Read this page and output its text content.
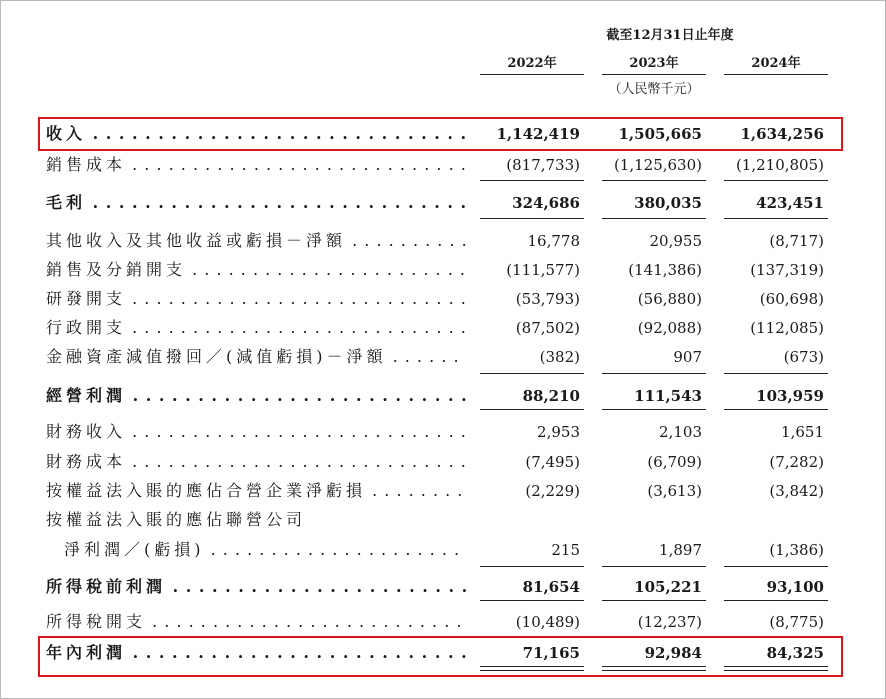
截至12月31日止年度
2022年	2023年	2024年
（人民幣千元）
收入 . . .	1,142,419	1,505,665	1,634,256
銷售成本 . . .	(817,733)	(1,125,630)	(1,210,805)
毛利 . . .	324,686	380,035	423,451
其他收入及其他收益或虧損－淨額 . . .	16,778	20,955	(8,717)
銷售及分銷開支 . . .	(111,577)	(141,386)	(137,319)
研發開支 . . .	(53,793)	(56,880)	(60,698)
行政開支 . . .	(87,502)	(92,088)	(112,085)
金融資產減值撥回／(減值虧損)－淨額 . . .	(382)	907	(673)
經營利潤 . . .	88,210	111,543	103,959
財務收入 . . .	2,953	2,103	1,651
財務成本 . . .	(7,495)	(6,709)	(7,282)
按權益法入賬的應佔合營企業淨虧損 . . .	(2,229)	(3,613)	(3,842)
按權益法入賬的應佔聯營公司
淨利潤／(虧損) . . .	215	1,897	(1,386)
所得稅前利潤 . . .	81,654	105,221	93,100
所得稅開支 . . .	(10,489)	(12,237)	(8,775)
年內利潤 . . .	71,165	92,984	84,325
